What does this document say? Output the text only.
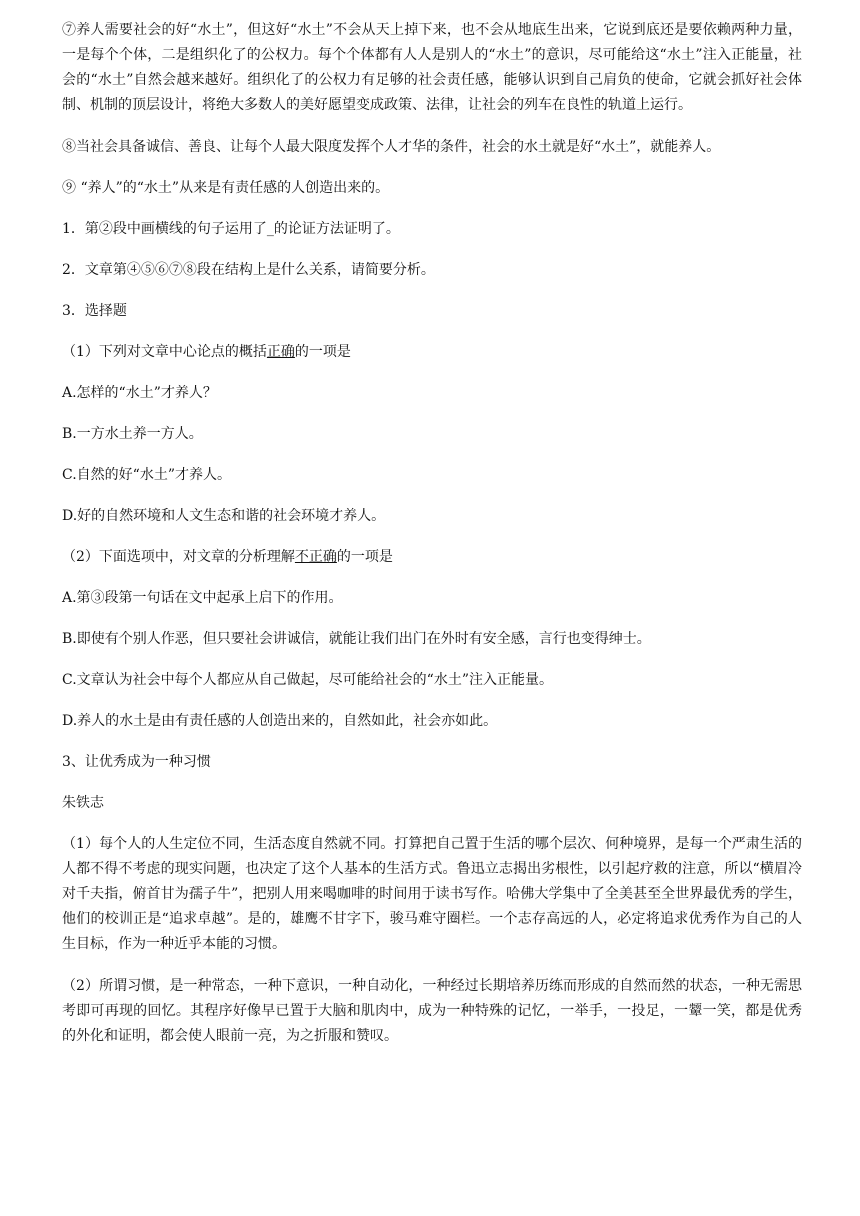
⑦养人需要社会的好“水土”，但这好“水土”不会从天上掉下来，也不会从地底生出来，它说到底还是要依赖两种力量，一是每个个体，二是组织化了的公权力。每个个体都有人人是别人的“水土”的意识，尽可能给这“水土”注入正能量，社会的“水土”自然会越来越好。组织化了的公权力有足够的社会责任感，能够认识到自己肩负的使命，它就会抓好社会体制、机制的顶层设计，将绝大多数人的美好愿望变成政策、法律，让社会的列车在良性的轨道上运行。

⑧当社会具备诚信、善良、让每个人最大限度发挥个人才华的条件，社会的水土就是好“水土”，就能养人。

⑨ “养人”的“水土”从来是有责任感的人创造出来的。

1．第②段中画横线的句子运用了_的论证方法证明了。

2．文章第④⑤⑥⑦⑧段在结构上是什么关系，请简要分析。

3．选择题

（1）下列对文章中心论点的概括正确的一项是

A.怎样的“水土”才养人？

B.一方水土养一方人。

C.自然的好“水土”才养人。

D.好的自然环境和人文生态和谐的社会环境才养人。

（2）下面选项中，对文章的分析理解不正确的一项是

A.第③段第一句话在文中起承上启下的作用。

B.即使有个别人作恶，但只要社会讲诚信，就能让我们出门在外时有安全感，言行也变得绅士。

C.文章认为社会中每个人都应从自己做起，尽可能给社会的“水土”注入正能量。

D.养人的水土是由有责任感的人创造出来的，自然如此，社会亦如此。

3、让优秀成为一种习惯

朱铁志

（1）每个人的人生定位不同，生活态度自然就不同。打算把自己置于生活的哪个层次、何种境界，是每一个严肃生活的人都不得不考虑的现实问题，也决定了这个人基本的生活方式。鲁迅立志揭出劣根性，以引起疗救的注意，所以“横眉冷对千夫指，俯首甘为孺子牛”，把别人用来喝咖啡的时间用于读书写作。哈佛大学集中了全美甚至全世界最优秀的学生，他们的校训正是“追求卓越”。是的，雄鹰不甘字下，骏马难守圈栏。一个志存高远的人，必定将追求优秀作为自己的人生目标，作为一种近乎本能的习惯。

（2）所谓习惯，是一种常态，一种下意识，一种自动化，一种经过长期培养历练而形成的自然而然的状态，一种无需思考即可再现的回忆。其程序好像早已置于大脑和肌肉中，成为一种特殊的记忆，一举手，一投足，一颦一笑，都是优秀的外化和证明，都会使人眼前一亮，为之折服和赞叹。
